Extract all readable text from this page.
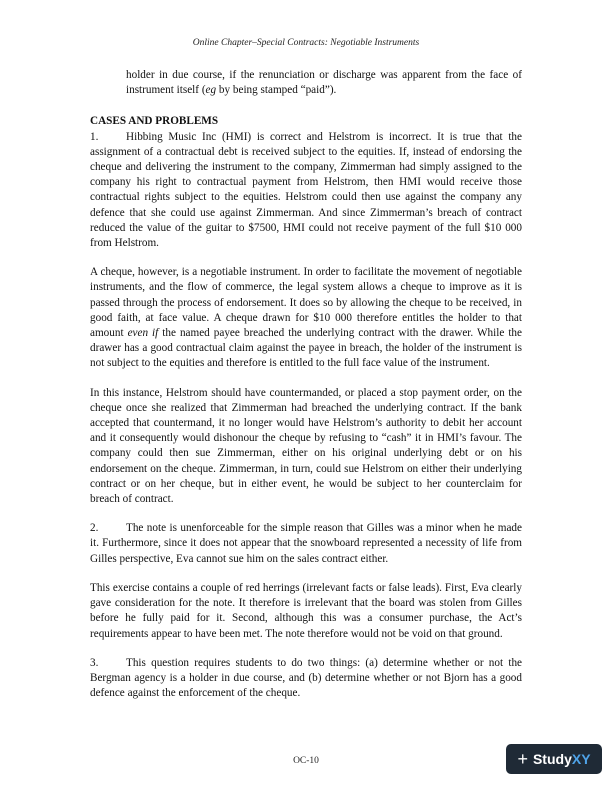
Online Chapter–Special Contracts: Negotiable Instruments

holder in due course, if the renunciation or discharge was apparent from the face of instrument itself (eg by being stamped “paid”).

CASES AND PROBLEMS

1. Hibbing Music Inc (HMI) is correct and Helstrom is incorrect. It is true that the assignment of a contractual debt is received subject to the equities. If, instead of endorsing the cheque and delivering the instrument to the company, Zimmerman had simply assigned to the company his right to contractual payment from Helstrom, then HMI would receive those contractual rights subject to the equities. Helstrom could then use against the company any defence that she could use against Zimmerman. And since Zimmerman’s breach of contract reduced the value of the guitar to $7500, HMI could not receive payment of the full $10 000 from Helstrom.

A cheque, however, is a negotiable instrument. In order to facilitate the movement of negotiable instruments, and the flow of commerce, the legal system allows a cheque to improve as it is passed through the process of endorsement. It does so by allowing the cheque to be received, in good faith, at face value. A cheque drawn for $10 000 therefore entitles the holder to that amount even if the named payee breached the underlying contract with the drawer. While the drawer has a good contractual claim against the payee in breach, the holder of the instrument is not subject to the equities and therefore is entitled to the full face value of the instrument.

In this instance, Helstrom should have countermanded, or placed a stop payment order, on the cheque once she realized that Zimmerman had breached the underlying contract. If the bank accepted that countermand, it no longer would have Helstrom’s authority to debit her account and it consequently would dishonour the cheque by refusing to “cash” it in HMI’s favour. The company could then sue Zimmerman, either on his original underlying debt or on his endorsement on the cheque. Zimmerman, in turn, could sue Helstrom on either their underlying contract or on her cheque, but in either event, he would be subject to her counterclaim for breach of contract.

2. The note is unenforceable for the simple reason that Gilles was a minor when he made it. Furthermore, since it does not appear that the snowboard represented a necessity of life from Gilles perspective, Eva cannot sue him on the sales contract either.

This exercise contains a couple of red herrings (irrelevant facts or false leads). First, Eva clearly gave consideration for the note. It therefore is irrelevant that the board was stolen from Gilles before he fully paid for it. Second, although this was a consumer purchase, the Act’s requirements appear to have been met. The note therefore would not be void on that ground.

3. This question requires students to do two things: (a) determine whether or not the Bergman agency is a holder in due course, and (b) determine whether or not Bjorn has a good defence against the enforcement of the cheque.

OC-10	+ Study XY
